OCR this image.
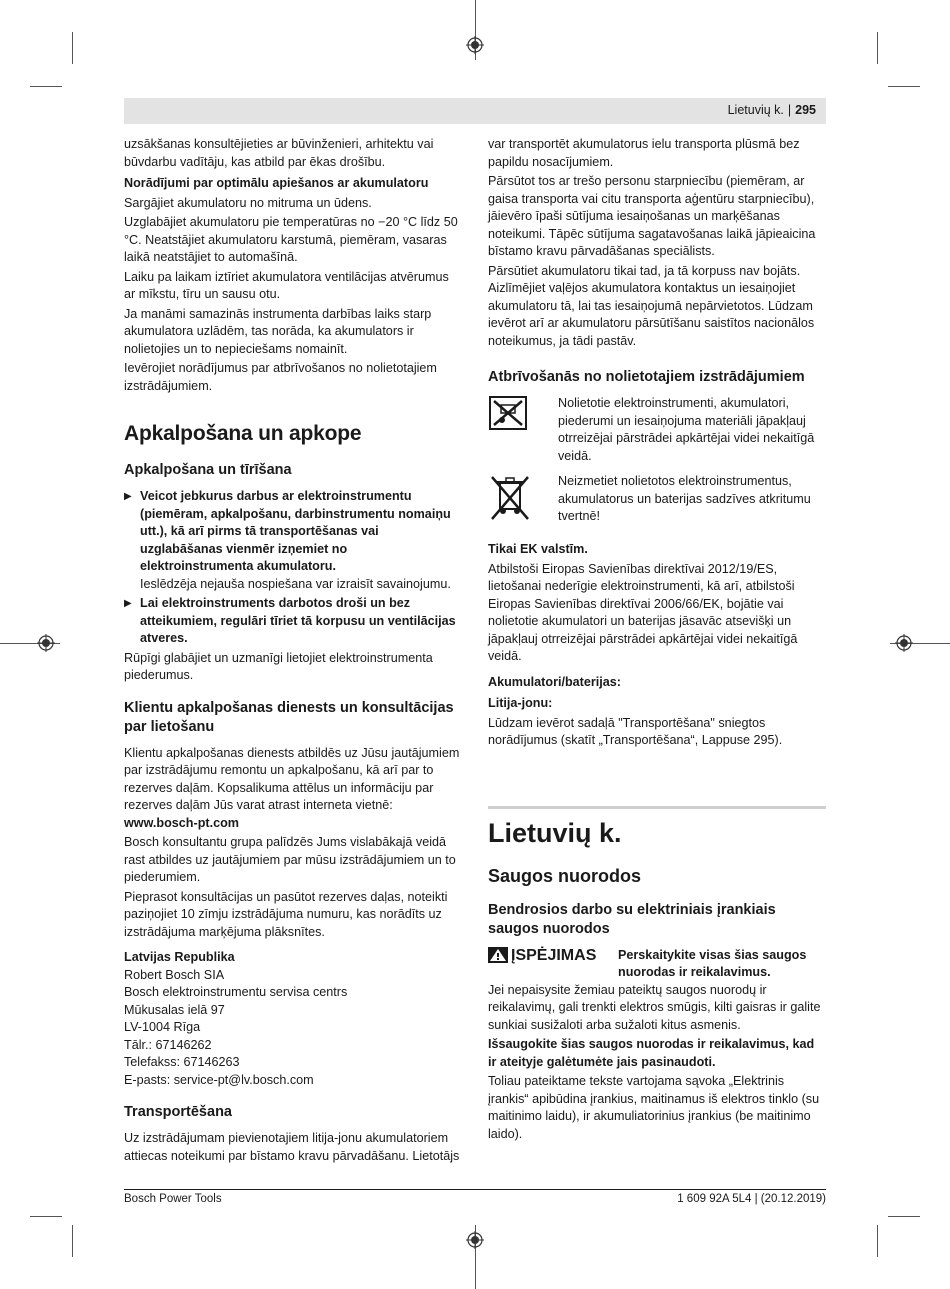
Lietuvių k. | 295

uzsākšanas konsultējieties ar būvinženieri, arhitektu vai būvdarbu vadītāju, kas atbild par ēkas drošību.

Norādījumi par optimālu apiešanos ar akumulatoru

Sargājiet akumulatoru no mitruma un ūdens.

Uzglabājiet akumulatoru pie temperatūras no −20 °C līdz 50 °C. Neatstājiet akumulatoru karstumā, piemēram, vasaras laikā neatstājiet to automašīnā.

Laiku pa laikam iztīriet akumulatora ventilācijas atvērumus ar mīkstu, tīru un sausu otu.

Ja manāmi samazinās instrumenta darbības laiks starp akumulatora uzlādēm, tas norāda, ka akumulators ir nolietojies un to nepieciešams nomainīt.

Ievērojiet norādījumus par atbrīvošanos no nolietotajiem izstrādājumiem.

Apkalpošana un apkope
Apkalpošana un tīrīšana
▶ Veicot jebkurus darbus ar elektroinstrumentu (piemēram, apkalpošanu, darbinstrumentu nomaiņu utt.), kā arī pirms tā transportēšanas vai uzglabāšanas vienmēr izņemiet no elektroinstrumenta akumulatoru.
Ieslēdzēja nejauša nospiešana var izraisīt savainojumu.
▶ Lai elektroinstruments darbotos droši un bez atteikumiem, regulāri tīriet tā korpusu un ventilācijas atveres.

Rūpīgi glabājiet un uzmanīgi lietojiet elektroinstrumenta piederumus.

Klientu apkalpošanas dienests un konsultācijas par lietošanu

Klientu apkalpošanas dienests atbildēs uz Jūsu jautājumiem par izstrādājumu remontu un apkalpošanu, kā arī par to rezerves daļām. Kopsalikuma attēlus un informāciju par rezerves daļām Jūs varat atrast interneta vietnē:

www.bosch-pt.com

Bosch konsultantu grupa palīdzēs Jums vislabākajā veidā rast atbildes uz jautājumiem par mūsu izstrādājumiem un to piederumiem.

Pieprasot konsultācijas un pasūtot rezerves daļas, noteikti paziņojiet 10 zīmju izstrādājuma numuru, kas norādīts uz izstrādājuma marķējuma plāksnītes.

Latvijas Republika

Robert Bosch SIA

Bosch elektroinstrumentu servisa centrs

Mūkusalas ielā 97

LV-1004 Rīga

Tālr.: 67146262

Telefakss: 67146263

E-pasts: service-pt@lv.bosch.com

Transportēšana

Uz izstrādājumam pievienotajiem litija-jonu akumulatoriem attiecas noteikumi par bīstamo kravu pārvadāšanu. Lietotājs

var transportēt akumulatorus ielu transporta plūsmā bez papildu nosacījumiem.

Pārsūtot tos ar trešo personu starpniecību (piemēram, ar gaisa transporta vai citu transporta aģentūru starpniecību), jāievēro īpaši sūtījuma iesaiņošanas un marķēšanas noteikumi. Tāpēc sūtījuma sagatavošanas laikā jāpieaicina bīstamo kravu pārvadāšanas speciālists.

Pārsūtiet akumulatoru tikai tad, ja tā korpuss nav bojāts. Aizlīmējiet vaļējos akumulatora kontaktus un iesaiņojiet akumulatoru tā, lai tas iesaiņojumā nepārvietotos. Lūdzam ievērot arī ar akumulatoru pārsūtīšanu saistītos nacionālos noteikumus, ja tādi pastāv.

Atbrīvošanās no nolietotajiem izstrādājumiem

Nolietotie elektroinstrumenti, akumulatori, piederumi un iesaiņojuma materiāli jāpakļauj otrreizējai pārstrādei apkārtējai videi nekaitīgā veidā.

Neizmetiet nolietotos elektroinstrumentus, akumulatorus un baterijas sadzīves atkritumu tvertnē!

Tikai EK valstīm.

Atbilstoši Eiropas Savienības direktīvai 2012/19/ES, lietošanai nederīgie elektroinstrumenti, kā arī, atbilstoši Eiropas Savienības direktīvai 2006/66/EK, bojātie vai nolietotie akumulatori un baterijas jāsavāc atsevišķi un jāpakļauj otrreizējai pārstrādei apkārtējai videi nekaitīgā veidā.

Akumulatori/baterijas:
Litija-jonu:

Lūdzam ievērot sadaļā "Transportēšana" sniegtos norādījumus (skatīt „Transportēšana“, Lappuse 295).

Lietuvių k.
Saugos nuorodos
Bendrosios darbo su elektriniais įrankiais saugos nuorodos
ĮSPĖJIMAS Perskaitykite visas šias saugos nuorodas ir reikalavimus.

Jei nepaisysite žemiau pateiktų saugos nuorodų ir reikalavimų, gali trenkti elektros smūgis, kilti gaisras ir galite sunkiai susižaloti arba sužaloti kitus asmenis.

Išsaugokite šias saugos nuorodas ir reikalavimus, kad ir ateityje galėtumėte jais pasinaudoti.

Toliau pateiktame tekste vartojama sąvoka „Elektrinis įrankis“ apibūdina įrankius, maitinamus iš elektros tinklo (su maitinimo laidu), ir akumuliatorinius įrankius (be maitinimo laido).

Bosch Power Tools	1 609 92A 5L4 | (20.12.2019)
